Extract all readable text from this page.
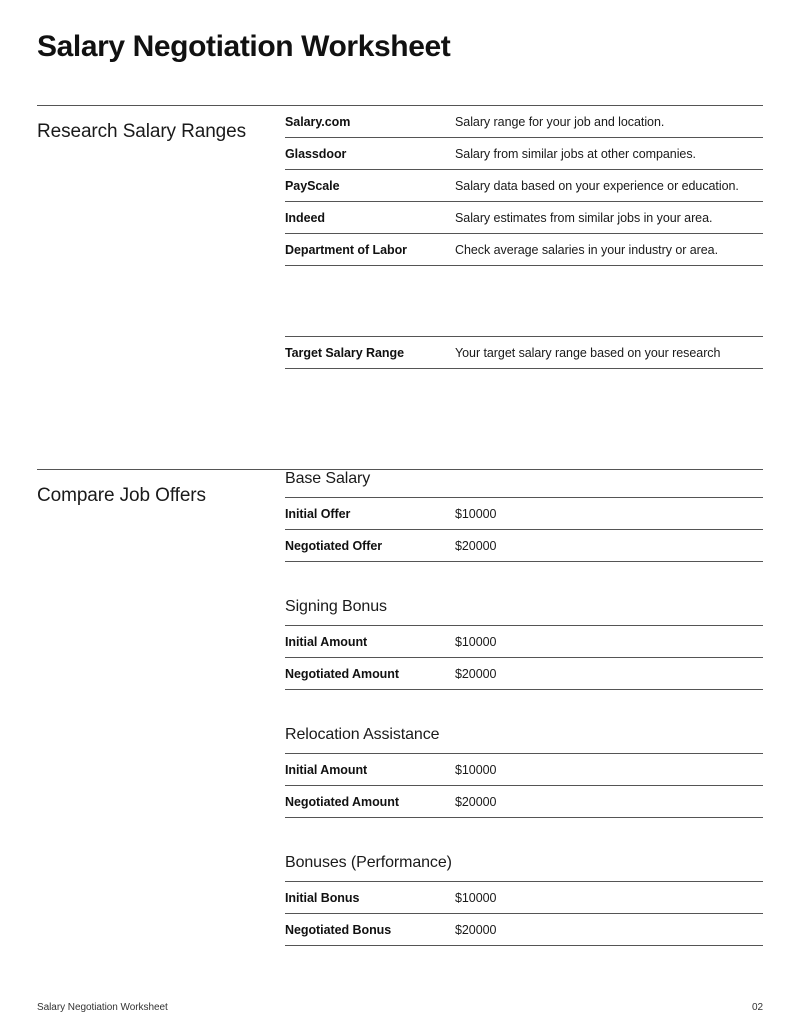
Salary Negotiation Worksheet
Research Salary Ranges	Salary.com	Salary range for your job and location.
Glassdoor	Salary from similar jobs at other companies.
PayScale	Salary data based on your experience or education.
Indeed	Salary estimates from similar jobs in your area.
Department of Labor	Check average salaries in your industry or area.
Target Salary Range	Your target salary range based on your research
Compare Job Offers
Base Salary
Initial Offer	$10000
Negotiated Offer	$20000
Signing Bonus
Initial Amount	$10000
Negotiated Amount	$20000
Relocation Assistance
Initial Amount	$10000
Negotiated Amount	$20000
Bonuses (Performance)
Initial Bonus	$10000
Negotiated Bonus	$20000
Salary Negotiation Worksheet	02
